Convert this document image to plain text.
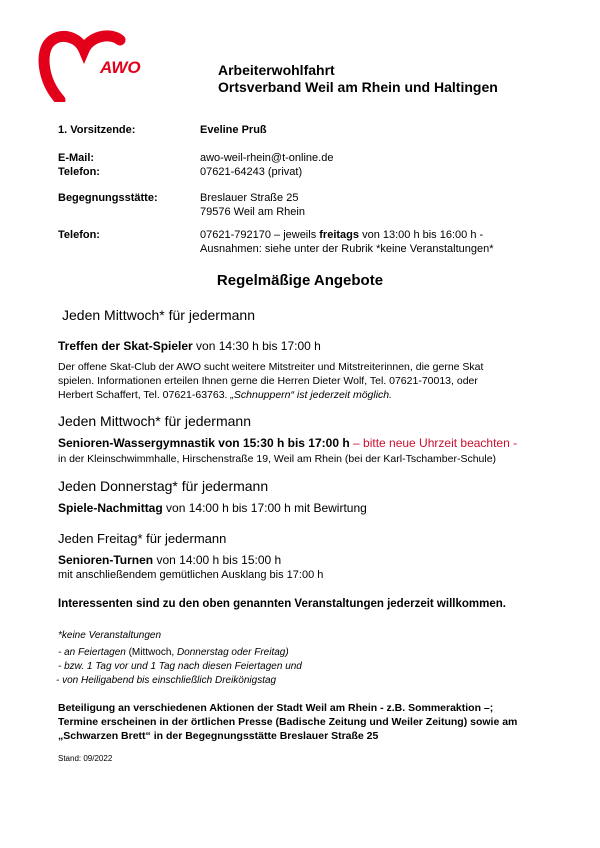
AWO	Arbeiterwohlfahrt
Ortsverband Weil am Rhein und Haltingen
1. Vorsitzende:	Eveline Pruß
E-Mail:	awo-weil-rhein@t-online.de
Telefon:	07621-64243 (privat)
Begegnungsstätte:	Breslauer Straße 25
79576 Weil am Rhein
Telefon:	07621-792170 – jeweils freitags von 13:00 h bis 16:00 h -
Ausnahmen: siehe unter der Rubrik *keine Veranstaltungen*
Regelmäßige Angebote
Jeden Mittwoch* für jedermann
Treffen der Skat-Spieler von 14:30 h bis 17:00 h
Der offene Skat-Club der AWO sucht weitere Mitstreiter und Mitstreiterinnen, die gerne Skat
spielen. Informationen erteilen Ihnen gerne die Herren Dieter Wolf, Tel. 07621-70013, oder
Herbert Schaffert, Tel. 07621-63763. „Schnuppern“ ist jederzeit möglich.
Jeden Mittwoch* für jedermann
Senioren-Wassergymnastik von 15:30 h bis 17:00 h – bitte neue Uhrzeit beachten -
in der Kleinschwimmhalle, Hirschenstraße 19, Weil am Rhein (bei der Karl-Tschamber-Schule)
Jeden Donnerstag* für jedermann
Spiele-Nachmittag von 14:00 h bis 17:00 h mit Bewirtung
Jeden Freitag* für jedermann
Senioren-Turnen von 14:00 h bis 15:00 h
mit anschließendem gemütlichen Ausklang bis 17:00 h
Interessenten sind zu den oben genannten Veranstaltungen jederzeit willkommen.
*keine Veranstaltungen
- an Feiertagen (Mittwoch, Donnerstag oder Freitag)
- bzw. 1 Tag vor und 1 Tag nach diesen Feiertagen und
- von Heiligabend bis einschließlich Dreikönigstag
Beteiligung an verschiedenen Aktionen der Stadt Weil am Rhein - z.B. Sommeraktion –;
Termine erscheinen in der örtlichen Presse (Badische Zeitung und Weiler Zeitung) sowie am
„Schwarzen Brett“ in der Begegnungsstätte Breslauer Straße 25
Stand: 09/2022
